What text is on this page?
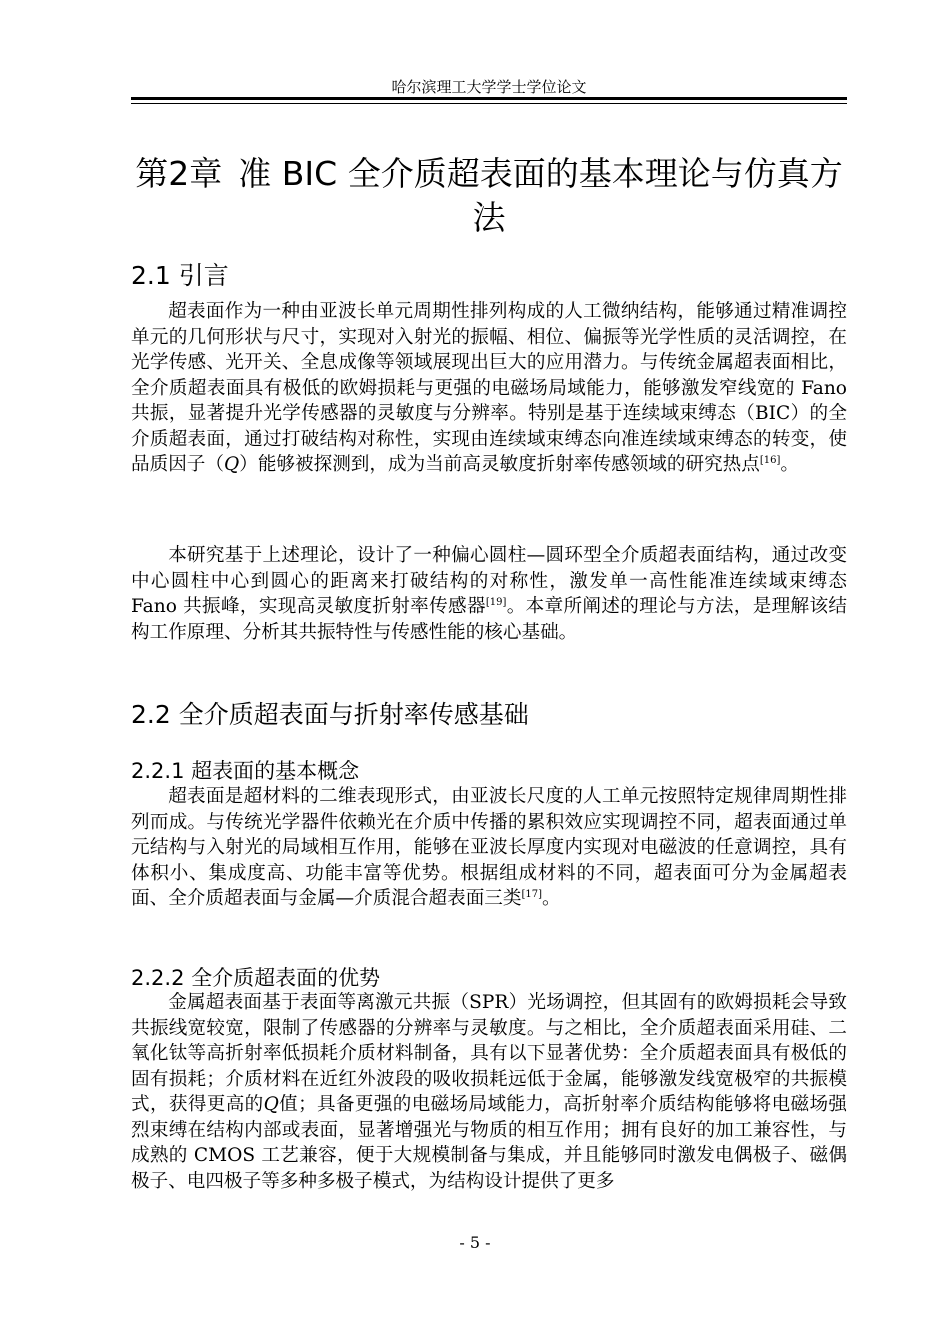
哈尔滨理工大学学士学位论文
第2章 准 BIC 全介质超表面的基本理论与仿真方法
2.1 引言

超表面作为一种由亚波长单元周期性排列构成的人工微纳结构，能够通过精准调控单元的几何形状与尺寸，实现对入射光的振幅、相位、偏振等光学性质的灵活调控，在光学传感、光开关、全息成像等领域展现出巨大的应用潜力。与传统金属超表面相比，全介质超表面具有极低的欧姆损耗与更强的电磁场局域能力，能够激发窄线宽的 Fano 共振，显著提升光学传感器的灵敏度与分辨率。特别是基于连续域束缚态（BIC）的全介质超表面，通过打破结构对称性，实现由连续域束缚态向准连续域束缚态的转变，使品质因子（Q）能够被探测到，成为当前高灵敏度折射率传感领域的研究热点[16]。

本研究基于上述理论，设计了一种偏心圆柱—圆环型全介质超表面结构，通过改变中心圆柱中心到圆心的距离来打破结构的对称性，激发单一高性能准连续域束缚态 Fano 共振峰，实现高灵敏度折射率传感器[19]。本章所阐述的理论与方法，是理解该结构工作原理、分析其共振特性与传感性能的核心基础。

2.2 全介质超表面与折射率传感基础
2.2.1 超表面的基本概念

超表面是超材料的二维表现形式，由亚波长尺度的人工单元按照特定规律周期性排列而成。与传统光学器件依赖光在介质中传播的累积效应实现调控不同，超表面通过单元结构与入射光的局域相互作用，能够在亚波长厚度内实现对电磁波的任意调控，具有体积小、集成度高、功能丰富等优势。根据组成材料的不同，超表面可分为金属超表面、全介质超表面与金属—介质混合超表面三类[17]。

2.2.2 全介质超表面的优势

金属超表面基于表面等离激元共振（SPR）光场调控，但其固有的欧姆损耗会导致共振线宽较宽，限制了传感器的分辨率与灵敏度。与之相比，全介质超表面采用硅、二氧化钛等高折射率低损耗介质材料制备，具有以下显著优势：全介质超表面具有极低的固有损耗；介质材料在近红外波段的吸收损耗远低于金属，能够激发线宽极窄的共振模式，获得更高的Q值；具备更强的电磁场局域能力，高折射率介质结构能够将电磁场强烈束缚在结构内部或表面，显著增强光与物质的相互作用；拥有良好的加工兼容性，与成熟的 CMOS 工艺兼容，便于大规模制备与集成，并且能够同时激发电偶极子、磁偶极子、电四极子等多种多极子模式，为结构设计提供了更多

- 5 -
